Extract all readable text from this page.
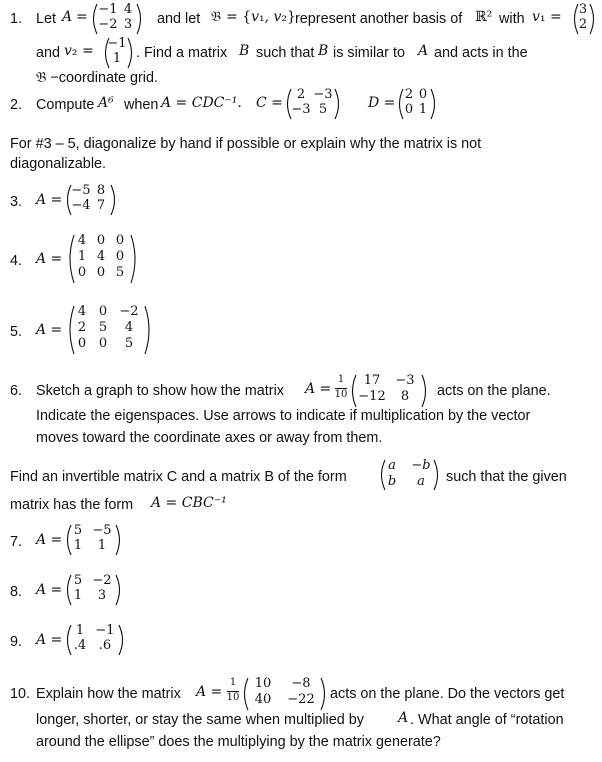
1. Let A = −1 4
−2 3 and let 𝔅 = {𝑣₁, 𝑣₂} represent another basis of ℝ² with 𝑣₁ = 3
2
and 𝑣₂ = −1
1	. Find a matrix B such that B is similar to A and acts in the
𝔅 −coordinate grid.
2. Compute A⁶ when A = CDC⁻¹. C =
2 −3
−3 5	D =
2 0
0 1
For #3 – 5, diagonalize by hand if possible or explain why the matrix is not
diagonalizable.
3. A =
−5 8
−4 7
4. A =
4 0 0
1 4 0
0 0 5
5. A =
4 0 −2
2 5	4
0 0	5
6. Sketch a graph to show how the matrix A =
1
10
17	−3
−12	8	acts on the plane.
Indicate the eigenspaces. Use arrows to indicate if multiplication by the vector
moves toward the coordinate axes or away from them.
Find an invertible matrix C and a matrix B of the form
a −b
b	a	such that the given
matrix has the form A = CBC⁻¹
7. A =
5 −5
1	1
8. A =
5 −2
1	3
9. A =
1 −1
.4 .6
10. Explain how the matrix A =
1
10
10	−8
40	−22 acts on the plane. Do the vectors get
longer, shorter, or stay the same when multiplied by A . What angle of “rotation
around the ellipse” does the multiplying by the matrix generate?
